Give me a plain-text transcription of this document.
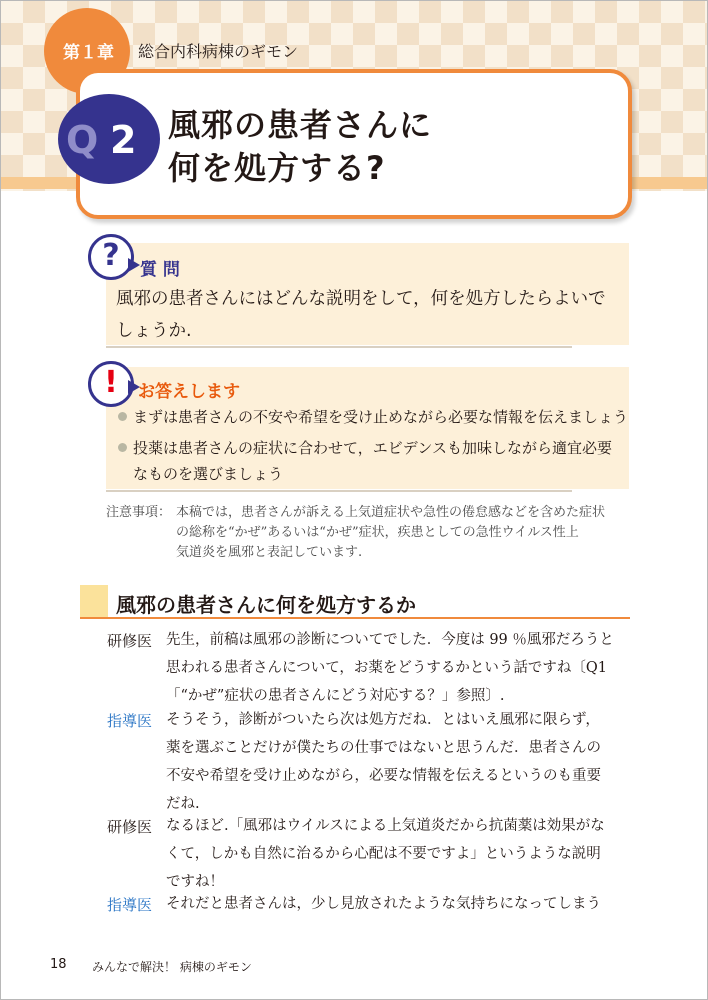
第１章 総合内科病棟のギモン
Q 2 風邪の患者さんに
何を処方する?
?	質 問
風邪の患者さんにはどんな説明をして，何を処方したらよいで
しょうか.
!	お答えします
まずは患者さんの不安や希望を受け止めながら必要な情報を伝えましょう
投薬は患者さんの症状に合わせて，エビデンスも加味しながら適宜必要
なものを選びましょう
注意事項： 本稿では，患者さんが訴える上気道症状や急性の倦怠感などを含めた症状
の総称を“かぜ”あるいは“かぜ”症状，疾患としての急性ウイルス性上
気道炎を風邪と表記しています.
風邪の患者さんに何を処方するか
研修医 先生，前稿は風邪の診断についてでした．今度は 99 ％風邪だろうと
思われる患者さんについて，お薬をどうするかという話ですね〔Q1
「“かぜ”症状の患者さんにどう対応する？」参照〕.
指導医 そうそう，診断がついたら次は処方だね．とはいえ風邪に限らず，
薬を選ぶことだけが僕たちの仕事ではないと思うんだ．患者さんの
不安や希望を受け止めながら，必要な情報を伝えるというのも重要
だね.
研修医 なるほど.「風邪はウイルスによる上気道炎だから抗菌薬は効果がな
くて，しかも自然に治るから心配は不要ですよ」というような説明
ですね！
指導医 それだと患者さんは，少し見放されたような気持ちになってしまう
18 みんなで解決！ 病棟のギモン
